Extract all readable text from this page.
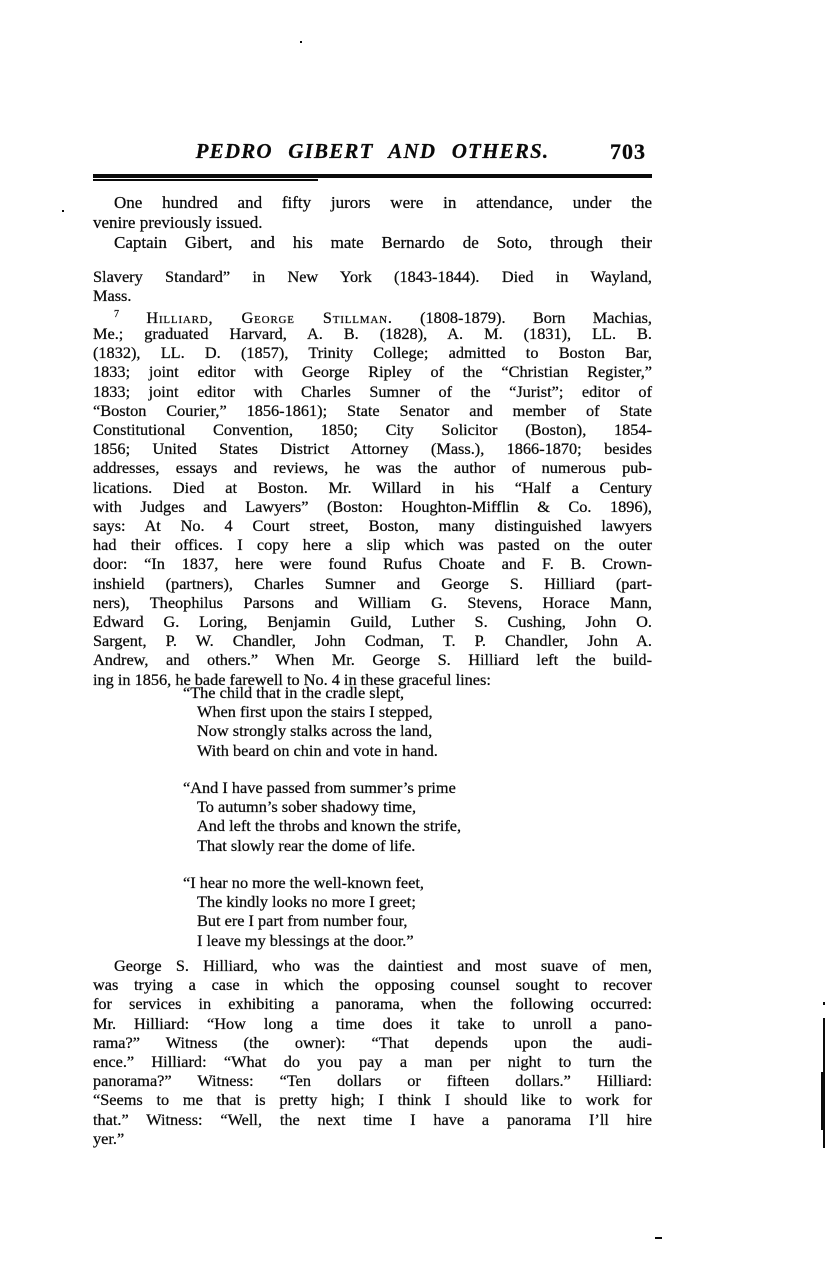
PEDRO GIBERT AND OTHERS.	703
One hundred and fifty jurors were in attendance, under the
venire previously issued.
Captain Gibert, and his mate Bernardo de Soto, through their
Slavery Standard” in New York (1843-1844). Died in Wayland,
Mass.
$^7$ Hilliard, George Stillman. (1808-1879). Born Machias,
Me.; graduated Harvard, A. B. (1828), A. M. (1831), LL. B.
(1832), LL. D. (1857), Trinity College; admitted to Boston Bar,
1833; joint editor with George Ripley of the “Christian Register,”
1833; joint editor with Charles Sumner of the “Jurist”; editor of
“Boston Courier,” 1856-1861); State Senator and member of State
Constitutional Convention, 1850; City Solicitor (Boston), 1854-
1856; United States District Attorney (Mass.), 1866-1870; besides
addresses, essays and reviews, he was the author of numerous pub-
lications. Died at Boston. Mr. Willard in his “Half a Century
with Judges and Lawyers” (Boston: Houghton-Mifflin & Co. 1896),
says: At No. 4 Court street, Boston, many distinguished lawyers
had their offices. I copy here a slip which was pasted on the outer
door: “In 1837, here were found Rufus Choate and F. B. Crown-
inshield (partners), Charles Sumner and George S. Hilliard (part-
ners), Theophilus Parsons and William G. Stevens, Horace Mann,
Edward G. Loring, Benjamin Guild, Luther S. Cushing, John O.
Sargent, P. W. Chandler, John Codman, T. P. Chandler, John A.
Andrew, and others.” When Mr. George S. Hilliard left the build-
ing in 1856, he bade farewell to No. 4 in these graceful lines:
“The child that in the cradle slept,
When first upon the stairs I stepped,
Now strongly stalks across the land,
With beard on chin and vote in hand.
“And I have passed from summer’s prime
To autumn’s sober shadowy time,
And left the throbs and known the strife,
That slowly rear the dome of life.
“I hear no more the well-known feet,
The kindly looks no more I greet;
But ere I part from number four,
I leave my blessings at the door.”
George S. Hilliard, who was the daintiest and most suave of men,
was trying a case in which the opposing counsel sought to recover
for services in exhibiting a panorama, when the following occurred:
Mr. Hilliard: “How long a time does it take to unroll a pano-
rama?” Witness (the owner): “That depends upon the audi-
ence.” Hilliard: “What do you pay a man per night to turn the
panorama?” Witness: “Ten dollars or fifteen dollars.” Hilliard:
“Seems to me that is pretty high; I think I should like to work for
that.” Witness: “Well, the next time I have a panorama I’ll hire
yer.”
